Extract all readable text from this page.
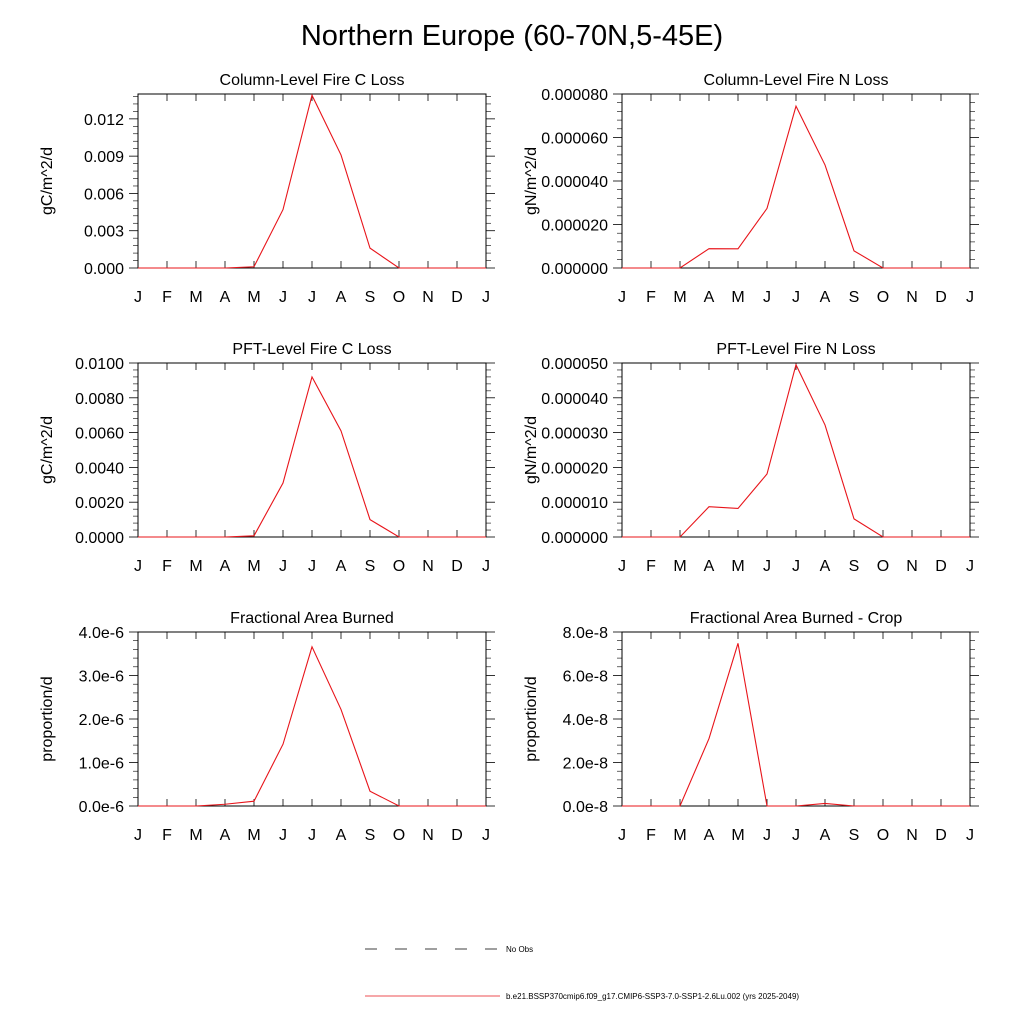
Northern Europe (60-70N,5-45E)
Column-Level Fire C Loss
gC/m^2/d
J F M A M J J A S O N D J
0.000
0.003
0.006
0.009
0.012
Column-Level Fire N Loss
gN/m^2/d
J F M A M J J A S O N D J
0.000000
0.000020
0.000040
0.000060
0.000080
PFT-Level Fire C Loss
gC/m^2/d
J F M A M J J A S O N D J
0.0000
0.0020
0.0040
0.0060
0.0080
0.0100
PFT-Level Fire N Loss
gN/m^2/d
J F M A M J J A S O N D J
0.000000
0.000010
0.000020
0.000030
0.000040
0.000050
Fractional Area Burned
proportion/d
J F M A M J J A S O N D J
0.0e-6
1.0e-6
2.0e-6
3.0e-6
4.0e-6
Fractional Area Burned - Crop
proportion/d
J F M A M J J A S O N D J
0.0e-8
2.0e-8
4.0e-8
6.0e-8
8.0e-8
No Obs
b.e21.BSSP370cmip6.f09_g17.CMIP6-SSP3-7.0-SSP1-2.6Lu.002 (yrs 2025-2049)
